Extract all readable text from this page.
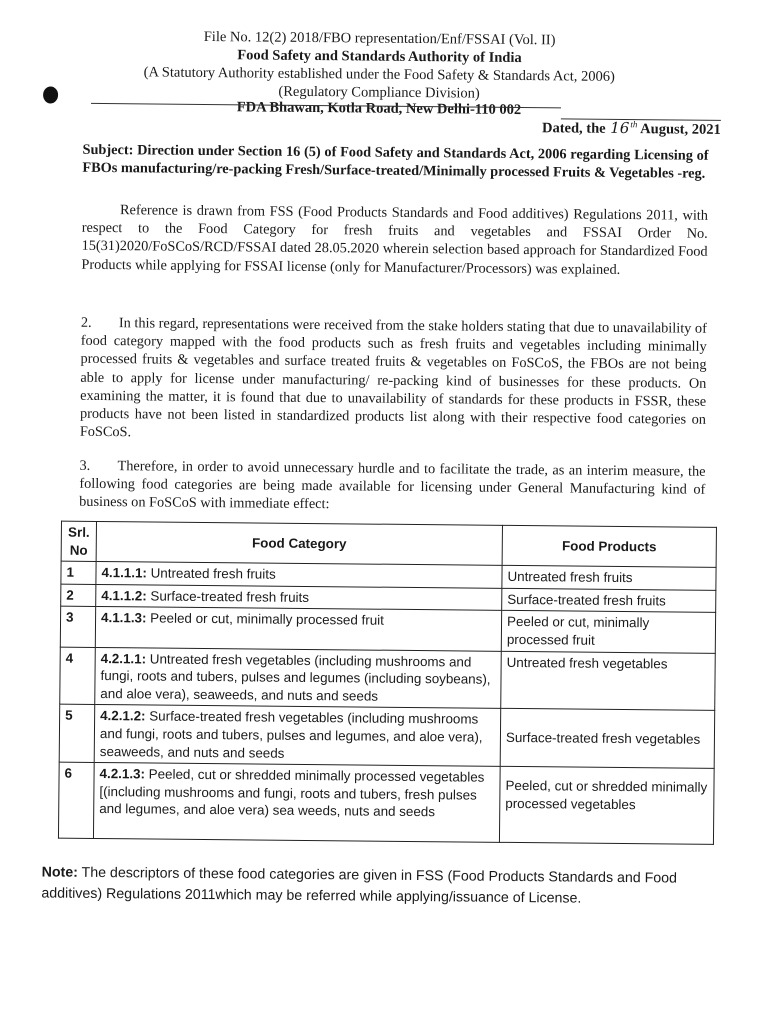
File No. 12(2) 2018/FBO representation/Enf/FSSAI (Vol. II)
Food Safety and Standards Authority of India
(A Statutory Authority established under the Food Safety & Standards Act, 2006)
(Regulatory Compliance Division)
FDA Bhawan, Kotla Road, New Delhi-110 002
Dated, the 16th August, 2021
Subject: Direction under Section 16 (5) of Food Safety and Standards Act, 2006 regarding Licensing of FBOs manufacturing/re-packing Fresh/Surface-treated/Minimally processed Fruits & Vegetables -reg.
Reference is drawn from FSS (Food Products Standards and Food additives) Regulations 2011, with respect to the Food Category for fresh fruits and vegetables and FSSAI Order No. 15(31)2020/FoSCoS/RCD/FSSAI dated 28.05.2020 wherein selection based approach for Standardized Food Products while applying for FSSAI license (only for Manufacturer/Processors) was explained.
2. In this regard, representations were received from the stake holders stating that due to unavailability of food category mapped with the food products such as fresh fruits and vegetables including minimally processed fruits & vegetables and surface treated fruits & vegetables on FoSCoS, the FBOs are not being able to apply for license under manufacturing/ re-packing kind of businesses for these products. On examining the matter, it is found that due to unavailability of standards for these products in FSSR, these products have not been listed in standardized products list along with their respective food categories on FoSCoS.
3. Therefore, in order to avoid unnecessary hurdle and to facilitate the trade, as an interim measure, the following food categories are being made available for licensing under General Manufacturing kind of business on FoSCoS with immediate effect:
Srl. No	Food Category	Food Products
1	4.1.1.1: Untreated fresh fruits	Untreated fresh fruits
2	4.1.1.2: Surface-treated fresh fruits	Surface-treated fresh fruits
3	4.1.1.3: Peeled or cut, minimally processed fruit	Peeled or cut, minimally processed fruit
4	4.2.1.1: Untreated fresh vegetables (including mushrooms and fungi, roots and tubers, pulses and legumes (including soybeans), and aloe vera), seaweeds, and nuts and seeds	Untreated fresh vegetables
5	4.2.1.2: Surface-treated fresh vegetables (including mushrooms and fungi, roots and tubers, pulses and legumes, and aloe vera), seaweeds, and nuts and seeds	Surface-treated fresh vegetables
6	4.2.1.3: Peeled, cut or shredded minimally processed vegetables [(including mushrooms and fungi, roots and tubers, fresh pulses and legumes, and aloe vera) sea weeds, nuts and seeds	Peeled, cut or shredded minimally processed vegetables
Note: The descriptors of these food categories are given in FSS (Food Products Standards and Food additives) Regulations 2011which may be referred while applying/issuance of License.
